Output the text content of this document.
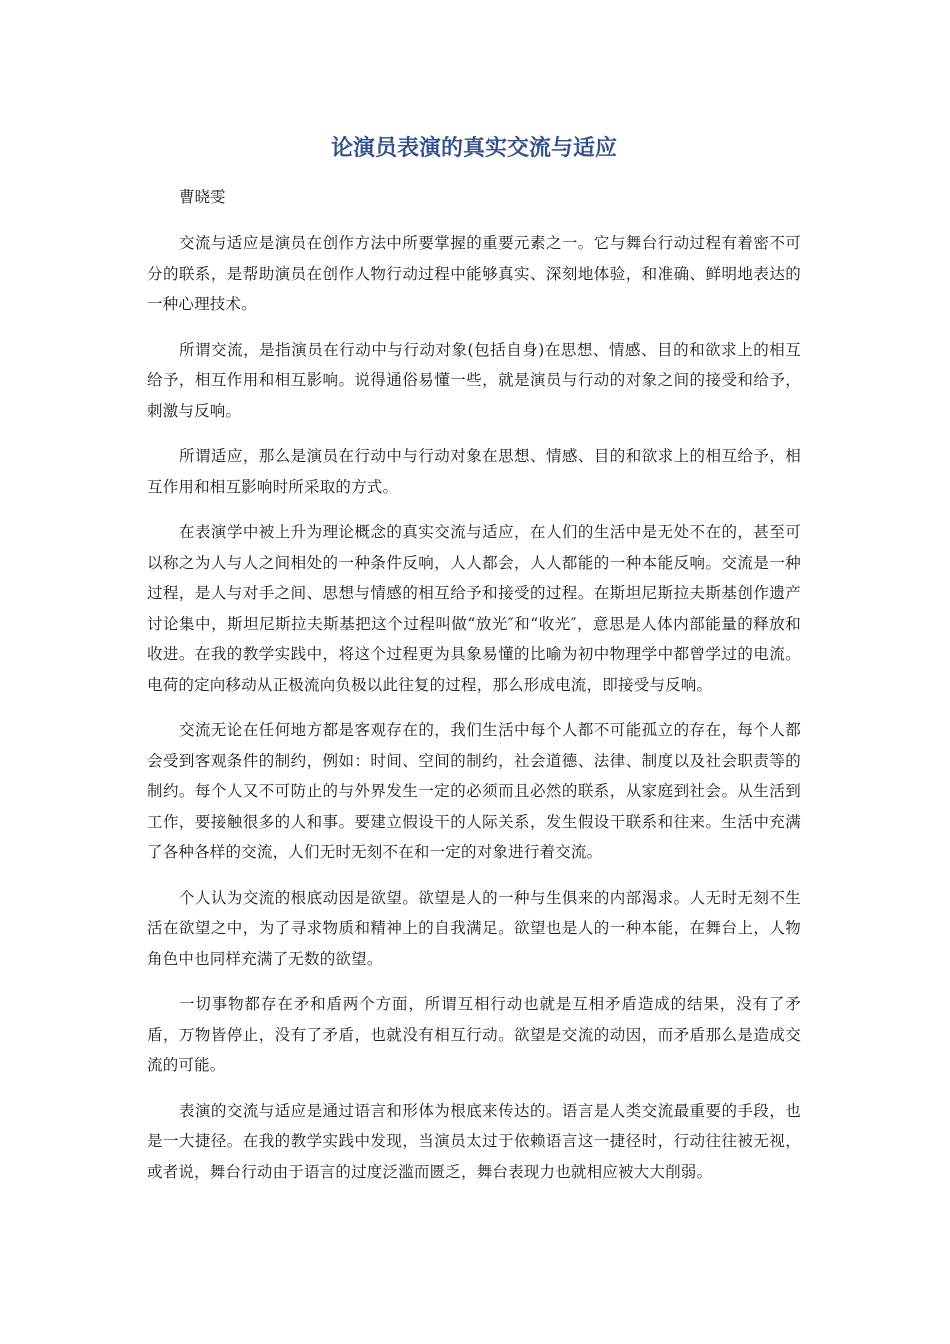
论演员表演的真实交流与适应

曹晓雯

交流与适应是演员在创作方法中所要掌握的重要元素之一。它与舞台行动过程有着密不可分的联系，是帮助演员在创作人物行动过程中能够真实、深刻地体验，和准确、鲜明地表达的一种心理技术。

所谓交流，是指演员在行动中与行动对象(包括自身)在思想、情感、目的和欲求上的相互给予，相互作用和相互影响。说得通俗易懂一些，就是演员与行动的对象之间的接受和给予，刺激与反响。

所谓适应，那么是演员在行动中与行动对象在思想、情感、目的和欲求上的相互给予，相互作用和相互影响时所采取的方式。

在表演学中被上升为理论概念的真实交流与适应，在人们的生活中是无处不在的，甚至可以称之为人与人之间相处的一种条件反响，人人都会，人人都能的一种本能反响。交流是一种过程，是人与对手之间、思想与情感的相互给予和接受的过程。在斯坦尼斯拉夫斯基创作遗产讨论集中，斯坦尼斯拉夫斯基把这个过程叫做“放光″和“收光″，意思是人体内部能量的释放和收进。在我的教学实践中，将这个过程更为具象易懂的比喻为初中物理学中都曾学过的电流。电荷的定向移动从正极流向负极以此往复的过程，那么形成电流，即接受与反响。

交流无论在任何地方都是客观存在的，我们生活中每个人都不可能孤立的存在，每个人都会受到客观条件的制约，例如：时间、空间的制约，社会道德、法律、制度以及社会职责等的制约。每个人又不可防止的与外界发生一定的必须而且必然的联系，从家庭到社会。从生活到工作，要接触很多的人和事。要建立假设干的人际关系，发生假设干联系和往来。生活中充满了各种各样的交流，人们无时无刻不在和一定的对象进行着交流。

个人认为交流的根底动因是欲望。欲望是人的一种与生俱来的内部渴求。人无时无刻不生活在欲望之中，为了寻求物质和精神上的自我满足。欲望也是人的一种本能，在舞台上，人物角色中也同样充满了无数的欲望。

一切事物都存在矛和盾两个方面，所谓互相行动也就是互相矛盾造成的结果，没有了矛盾，万物皆停止，没有了矛盾，也就没有相互行动。欲望是交流的动因，而矛盾那么是造成交流的可能。

表演的交流与适应是通过语言和形体为根底来传达的。语言是人类交流最重要的手段，也是一大捷径。在我的教学实践中发现，当演员太过于依赖语言这一捷径时，行动往往被无视，或者说，舞台行动由于语言的过度泛滥而匮乏，舞台表现力也就相应被大大削弱。
